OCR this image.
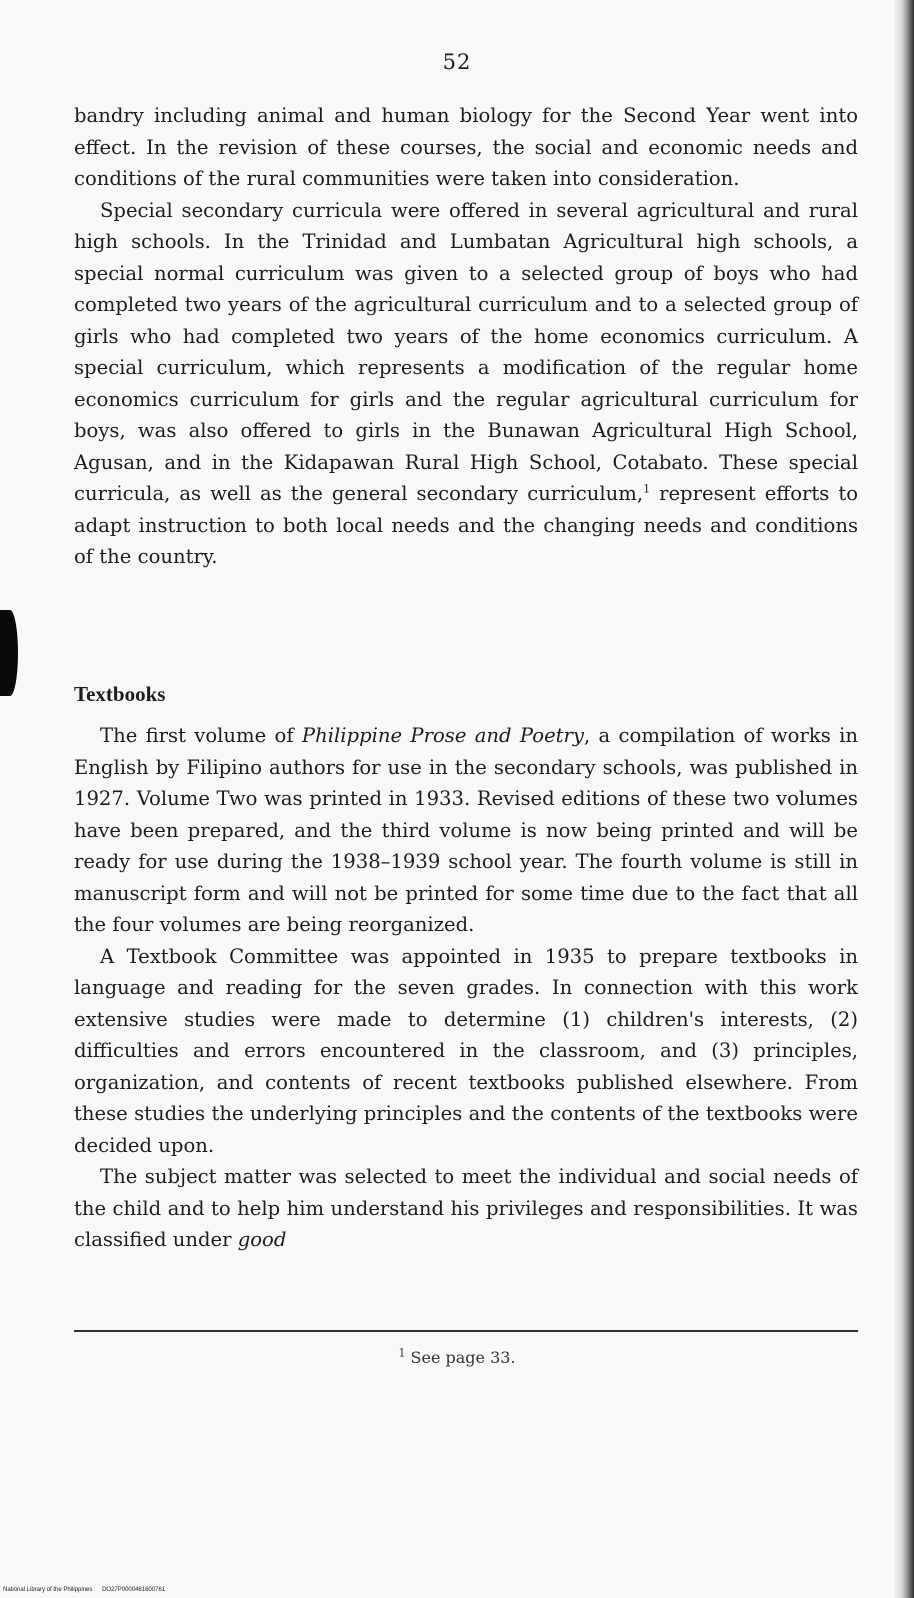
52

bandry including animal and human biology for the Second Year went into effect. In the revision of these courses, the social and economic needs and conditions of the rural communities were taken into consideration.

Special secondary curricula were offered in several agricultural and rural high schools. In the Trinidad and Lumbatan Agricultural high schools, a special normal curriculum was given to a selected group of boys who had completed two years of the agricultural curriculum and to a selected group of girls who had completed two years of the home economics curriculum. A special curriculum, which represents a modification of the regular home economics curriculum for girls and the regular agricultural curriculum for boys, was also offered to girls in the Bunawan Agricultural High School, Agusan, and in the Kidapawan Rural High School, Cotabato. These special curricula, as well as the general secondary curriculum,$^1$ represent efforts to adapt instruction to both local needs and the changing needs and conditions of the country.

Textbooks

The first volume of Philippine Prose and Poetry, a compilation of works in English by Filipino authors for use in the secondary schools, was published in 1927. Volume Two was printed in 1933. Revised editions of these two volumes have been prepared, and the third volume is now being printed and will be ready for use during the 1938–1939 school year. The fourth volume is still in manuscript form and will not be printed for some time due to the fact that all the four volumes are being reorganized.

A Textbook Committee was appointed in 1935 to prepare textbooks in language and reading for the seven grades. In connection with this work extensive studies were made to determine (1) children's interests, (2) difficulties and errors encountered in the classroom, and (3) principles, organization, and contents of recent textbooks published elsewhere. From these studies the underlying principles and the contents of the textbooks were decided upon.

The subject matter was selected to meet the individual and social needs of the child and to help him understand his privileges and responsibilities. It was classified under good

$^1$ See page 33.
National Library of the Philippines DO27P0000461600761
